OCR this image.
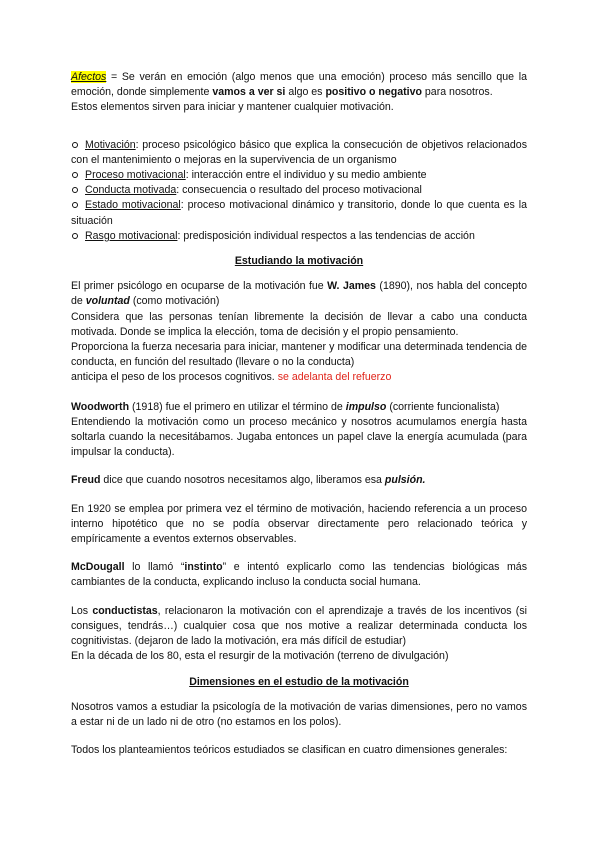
Afectos = Se verán en emoción (algo menos que una emoción) proceso más sencillo que la emoción, donde simplemente vamos a ver si algo es positivo o negativo para nosotros.

Estos elementos sirven para iniciar y mantener cualquier motivación.

Motivación: proceso psicológico básico que explica la consecución de objetivos relacionados con el mantenimiento o mejoras en la supervivencia de un organismo

Proceso motivacional: interacción entre el individuo y su medio ambiente

Conducta motivada: consecuencia o resultado del proceso motivacional

Estado motivacional: proceso motivacional dinámico y transitorio, donde lo que cuenta es la situación

Rasgo motivacional: predisposición individual respectos a las tendencias de acción

Estudiando la motivación

El primer psicólogo en ocuparse de la motivación fue W. James (1890), nos habla del concepto de voluntad (como motivación)

Considera que las personas tenían libremente la decisión de llevar a cabo una conducta motivada. Donde se implica la elección, toma de decisión y el propio pensamiento.

Proporciona la fuerza necesaria para iniciar, mantener y modificar una determinada tendencia de conducta, en función del resultado (llevare o no la conducta)

anticipa el peso de los procesos cognitivos. se adelanta del refuerzo

Woodworth (1918) fue el primero en utilizar el término de impulso (corriente funcionalista)

Entendiendo la motivación como un proceso mecánico y nosotros acumulamos energía hasta soltarla cuando la necesitábamos. Jugaba entonces un papel clave la energía acumulada (para impulsar la conducta).

Freud dice que cuando nosotros necesitamos algo, liberamos esa pulsión.

En 1920 se emplea por primera vez el término de motivación, haciendo referencia a un proceso interno hipotético que no se podía observar directamente pero relacionado teórica y empíricamente a eventos externos observables.

McDougall lo llamó “instinto” e intentó explicarlo como las tendencias biológicas más cambiantes de la conducta, explicando incluso la conducta social humana.

Los conductistas, relacionaron la motivación con el aprendizaje a través de los incentivos (si consigues, tendrás…) cualquier cosa que nos motive a realizar determinada conducta los cognitivistas. (dejaron de lado la motivación, era más difícil de estudiar)

En la década de los 80, esta el resurgir de la motivación (terreno de divulgación)

Dimensiones en el estudio de la motivación

Nosotros vamos a estudiar la psicología de la motivación de varias dimensiones, pero no vamos a estar ni de un lado ni de otro (no estamos en los polos).

Todos los planteamientos teóricos estudiados se clasifican en cuatro dimensiones generales:
